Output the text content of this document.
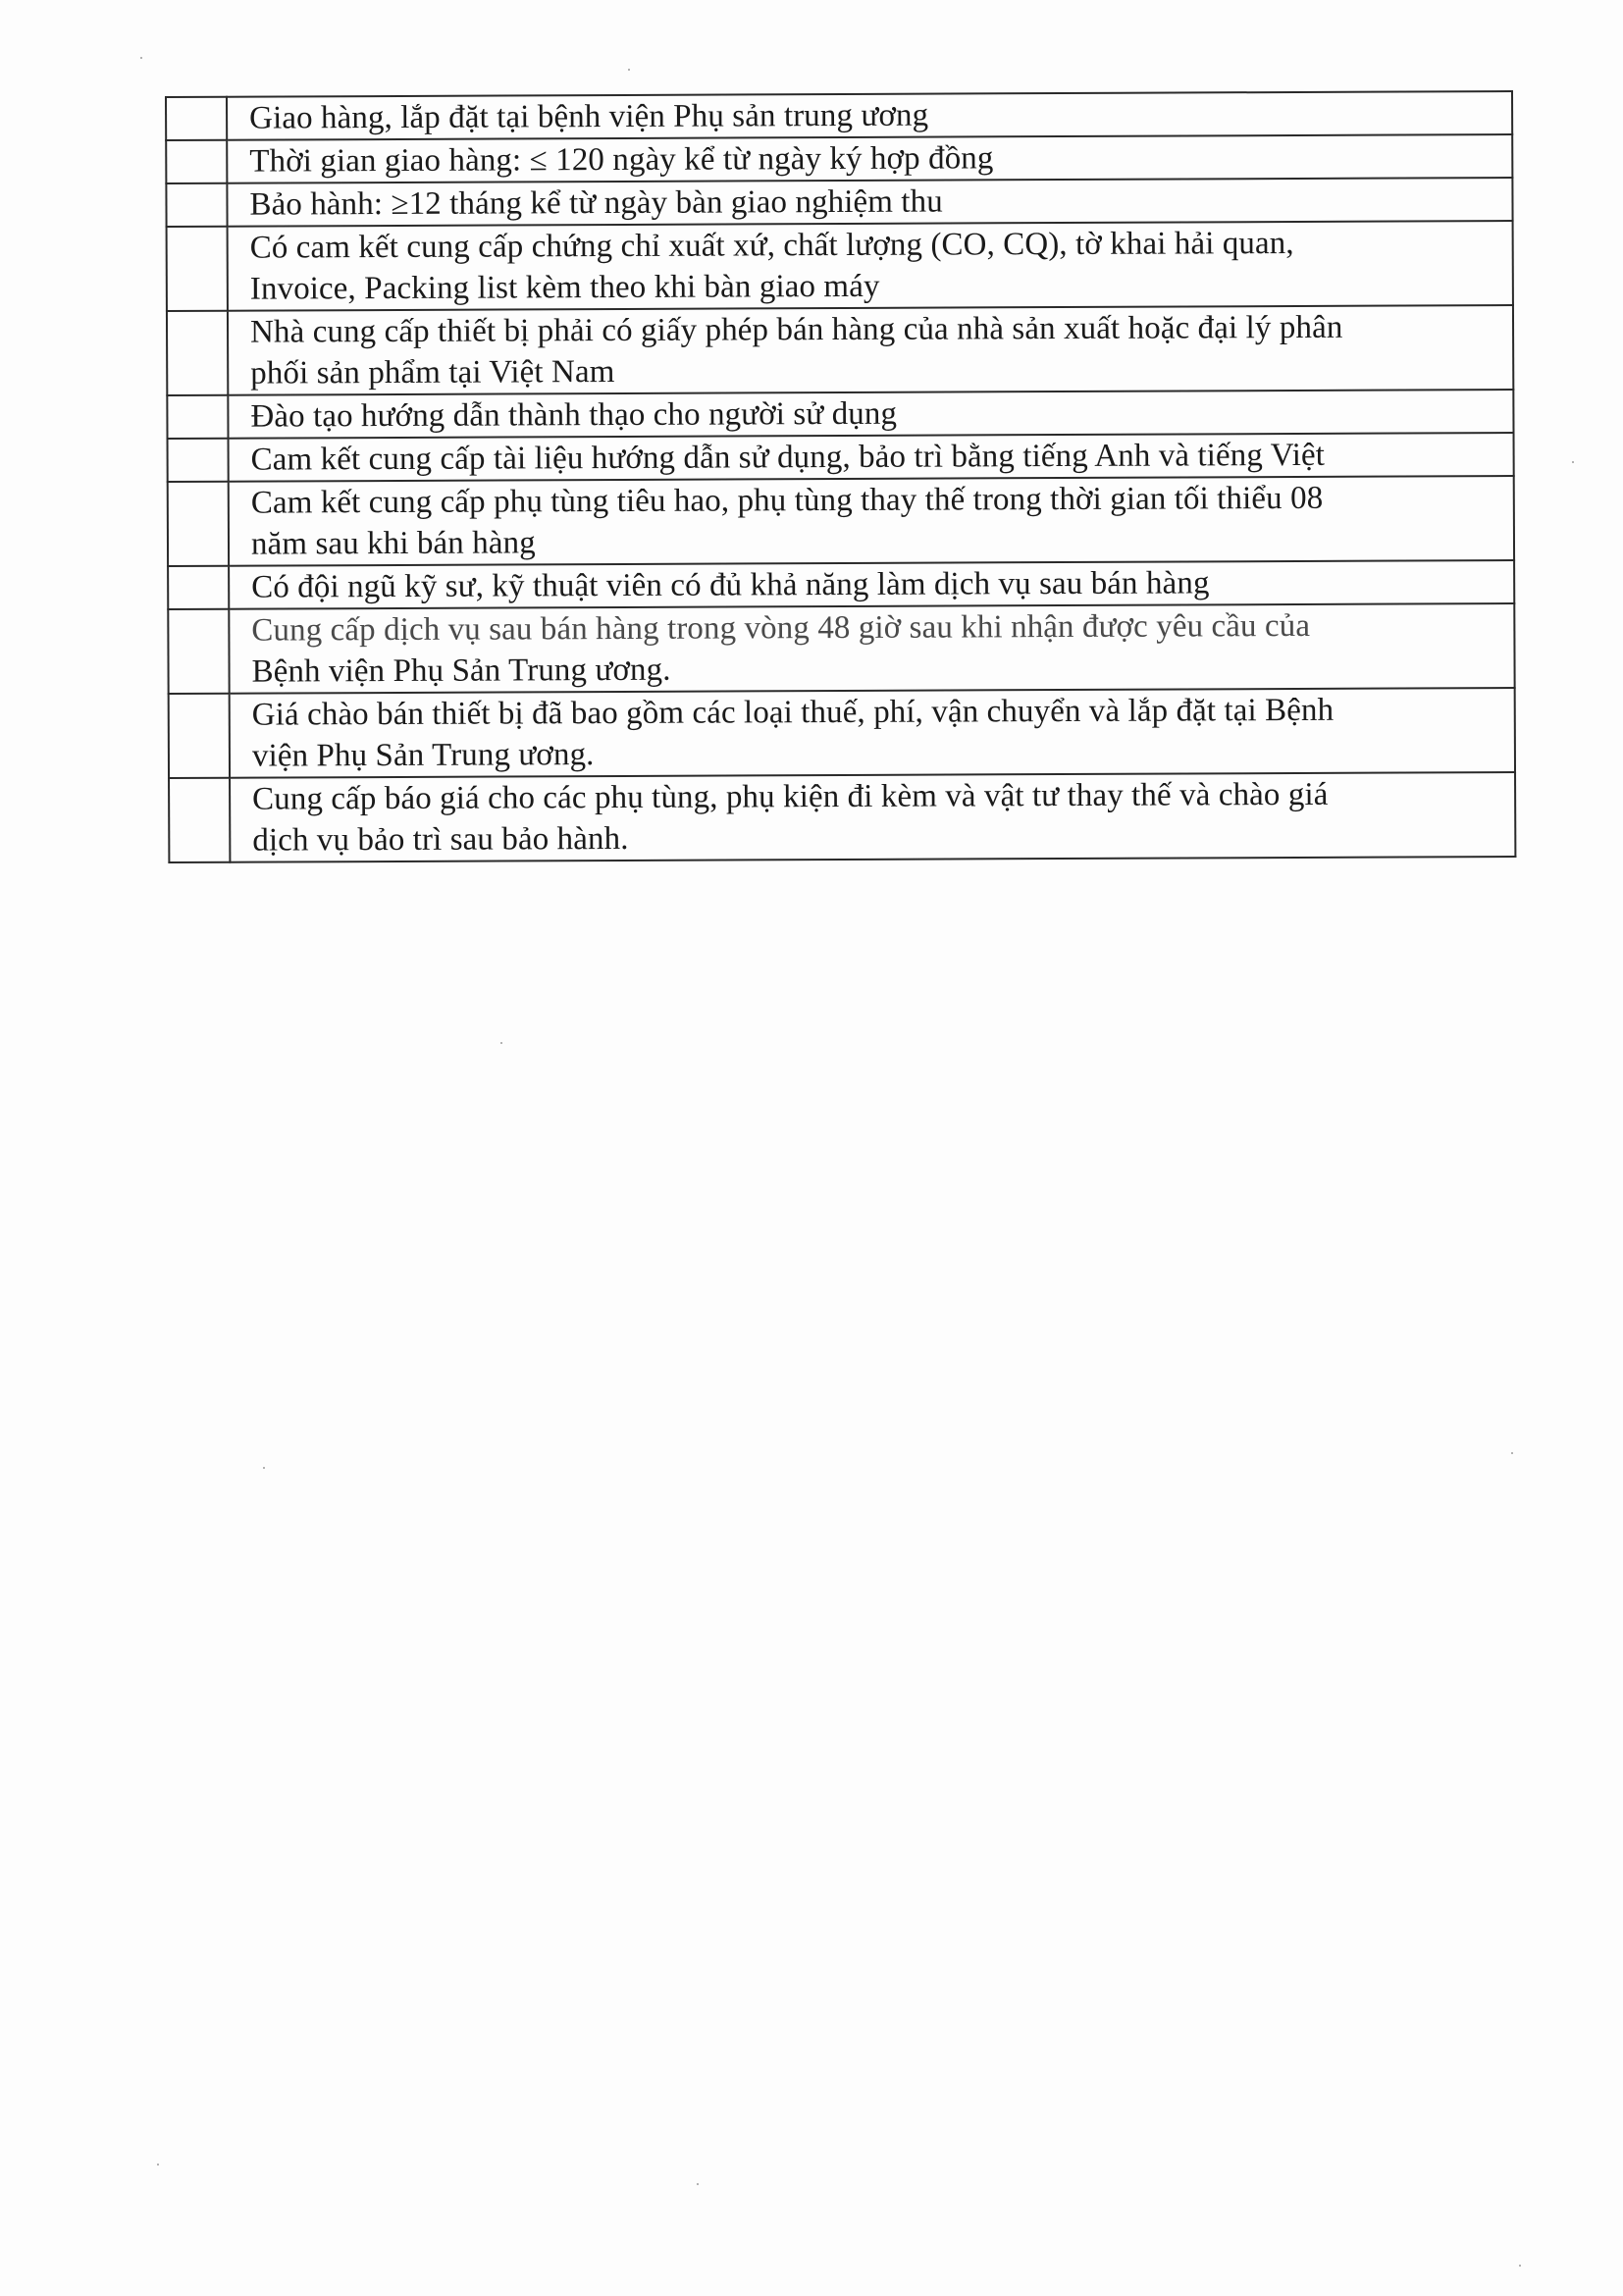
	Giao hàng, lắp đặt tại bệnh viện Phụ sản trung ương

	Thời gian giao hàng: ≤ 120 ngày kể từ ngày ký hợp đồng

	Bảo hành: ≥12 tháng kể từ ngày bàn giao nghiệm thu

	Có cam kết cung cấp chứng chỉ xuất xứ, chất lượng (CO, CQ), tờ khai hải quan,
Invoice, Packing list kèm theo khi bàn giao máy

	Nhà cung cấp thiết bị phải có giấy phép bán hàng của nhà sản xuất hoặc đại lý phân
phối sản phẩm tại Việt Nam

	Đào tạo hướng dẫn thành thạo cho người sử dụng

	Cam kết cung cấp tài liệu hướng dẫn sử dụng, bảo trì bằng tiếng Anh và tiếng Việt

	Cam kết cung cấp phụ tùng tiêu hao, phụ tùng thay thế trong thời gian tối thiểu 08
năm sau khi bán hàng

	Có đội ngũ kỹ sư, kỹ thuật viên có đủ khả năng làm dịch vụ sau bán hàng

	Cung cấp dịch vụ sau bán hàng trong vòng 48 giờ sau khi nhận được yêu cầu của
Bệnh viện Phụ Sản Trung ương.

	Giá chào bán thiết bị đã bao gồm các loại thuế, phí, vận chuyển và lắp đặt tại Bệnh
viện Phụ Sản Trung ương.

	Cung cấp báo giá cho các phụ tùng, phụ kiện đi kèm và vật tư thay thế và chào giá
dịch vụ bảo trì sau bảo hành.
